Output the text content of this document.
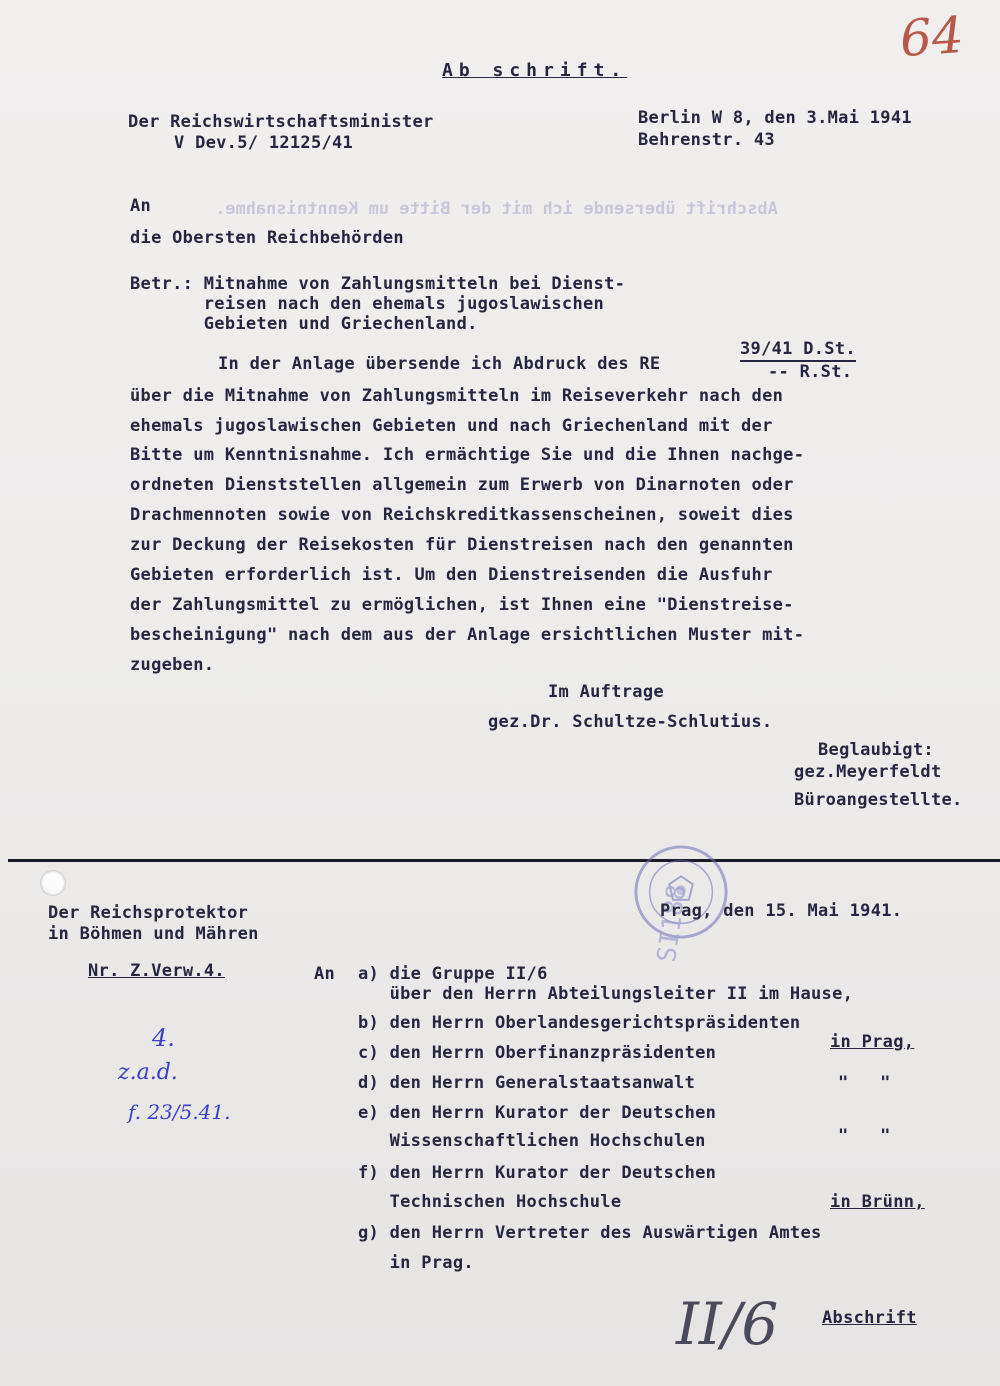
64
Ab schrift.
Der Reichswirtschaftsminister
V Dev.5/ 12125/41
Berlin W 8, den 3.Mai 1941
Behrenstr. 43
Abschrift übersende ich mit der Bitte um Kenntnisnahme.
An
die Obersten Reichbehörden
Betr.: Mitnahme von Zahlungsmitteln bei Dienst-
reisen nach den ehemals jugoslawischen
Gebieten und Griechenland.
39/41 D.St.
-- R.St.
In der Anlage übersende ich Abdruck des RE
über die Mitnahme von Zahlungsmitteln im Reiseverkehr nach den
ehemals jugoslawischen Gebieten und nach Griechenland mit der
Bitte um Kenntnisnahme. Ich ermächtige Sie und die Ihnen nachge-
ordneten Dienststellen allgemein zum Erwerb von Dinarnoten oder
Drachmennoten sowie von Reichskreditkassenscheinen, soweit dies
zur Deckung der Reisekosten für Dienstreisen nach den genannten
Gebieten erforderlich ist. Um den Dienstreisenden die Ausfuhr
der Zahlungsmittel zu ermöglichen, ist Ihnen eine "Dienstreise-
bescheinigung" nach dem aus der Anlage ersichtlichen Muster mit-
zugeben.
Im Auftrage
gez.Dr. Schultze-Schlutius.
Beglaubigt:
gez.Meyerfeldt
Büroangestellte.
SI188
Der Reichsprotektor
in Böhmen und Mähren
Nr. Z.Verw.4.
Prag, den 15. Mai 1941.
4.
z.a.d.
f. 23/5.41.
An a) die Gruppe II/6
über den Herrn Abteilungsleiter II im Hause,
b) den Herrn Oberlandesgerichtspräsidenten
c) den Herrn Oberfinanzpräsidenten
d) den Herrn Generalstaatsanwalt
e) den Herrn Kurator der Deutschen
Wissenschaftlichen Hochschulen
f) den Herrn Kurator der Deutschen
Technischen Hochschule
g) den Herrn Vertreter des Auswärtigen Amtes
in Prag.
in Prag,
"   "
"   "
in Brünn,
II/6	Abschrift
